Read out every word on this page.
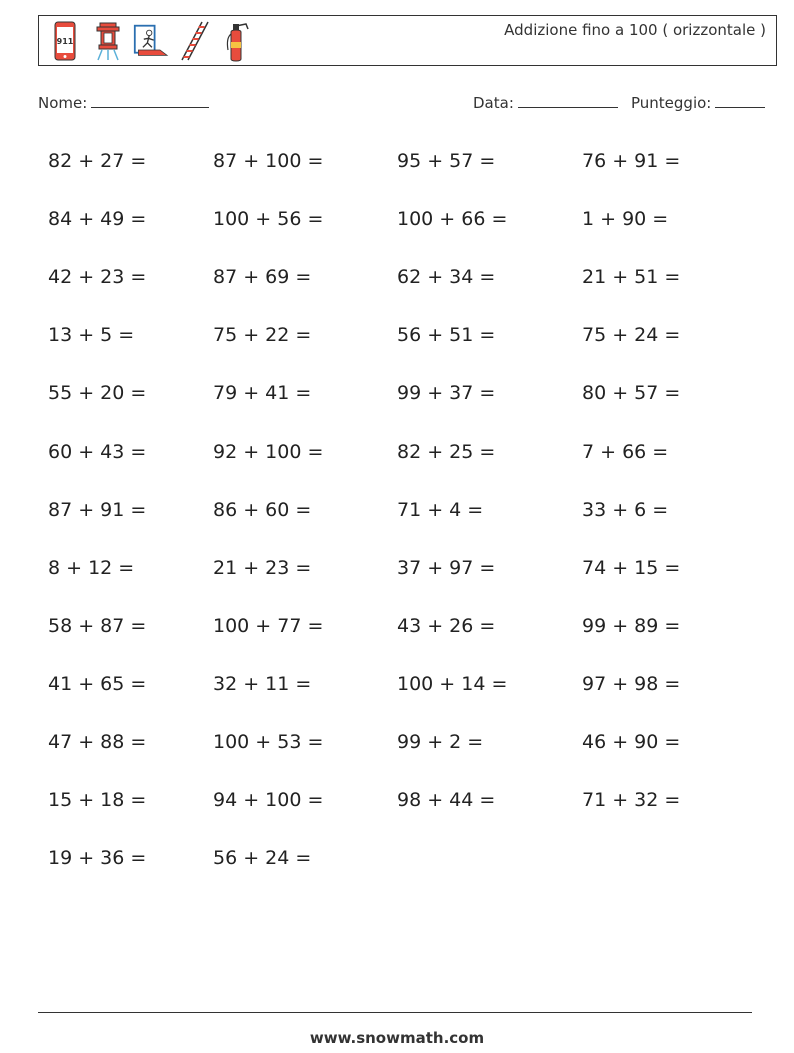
911
Addizione fino a 100 ( orizzontale )
Nome:	Data:	Punteggio:
82 + 27 =	87 + 100 =	95 + 57 =	76 + 91 =
84 + 49 =	100 + 56 =	100 + 66 =	1 + 90 =
42 + 23 =	87 + 69 =	62 + 34 =	21 + 51 =
13 + 5 =	75 + 22 =	56 + 51 =	75 + 24 =
55 + 20 =	79 + 41 =	99 + 37 =	80 + 57 =
60 + 43 =	92 + 100 =	82 + 25 =	7 + 66 =
87 + 91 =	86 + 60 =	71 + 4 =	33 + 6 =
8 + 12 =	21 + 23 =	37 + 97 =	74 + 15 =
58 + 87 =	100 + 77 =	43 + 26 =	99 + 89 =
41 + 65 =	32 + 11 =	100 + 14 =	97 + 98 =
47 + 88 =	100 + 53 =	99 + 2 =	46 + 90 =
15 + 18 =	94 + 100 =	98 + 44 =	71 + 32 =
19 + 36 =	56 + 24 =
www.snowmath.com
